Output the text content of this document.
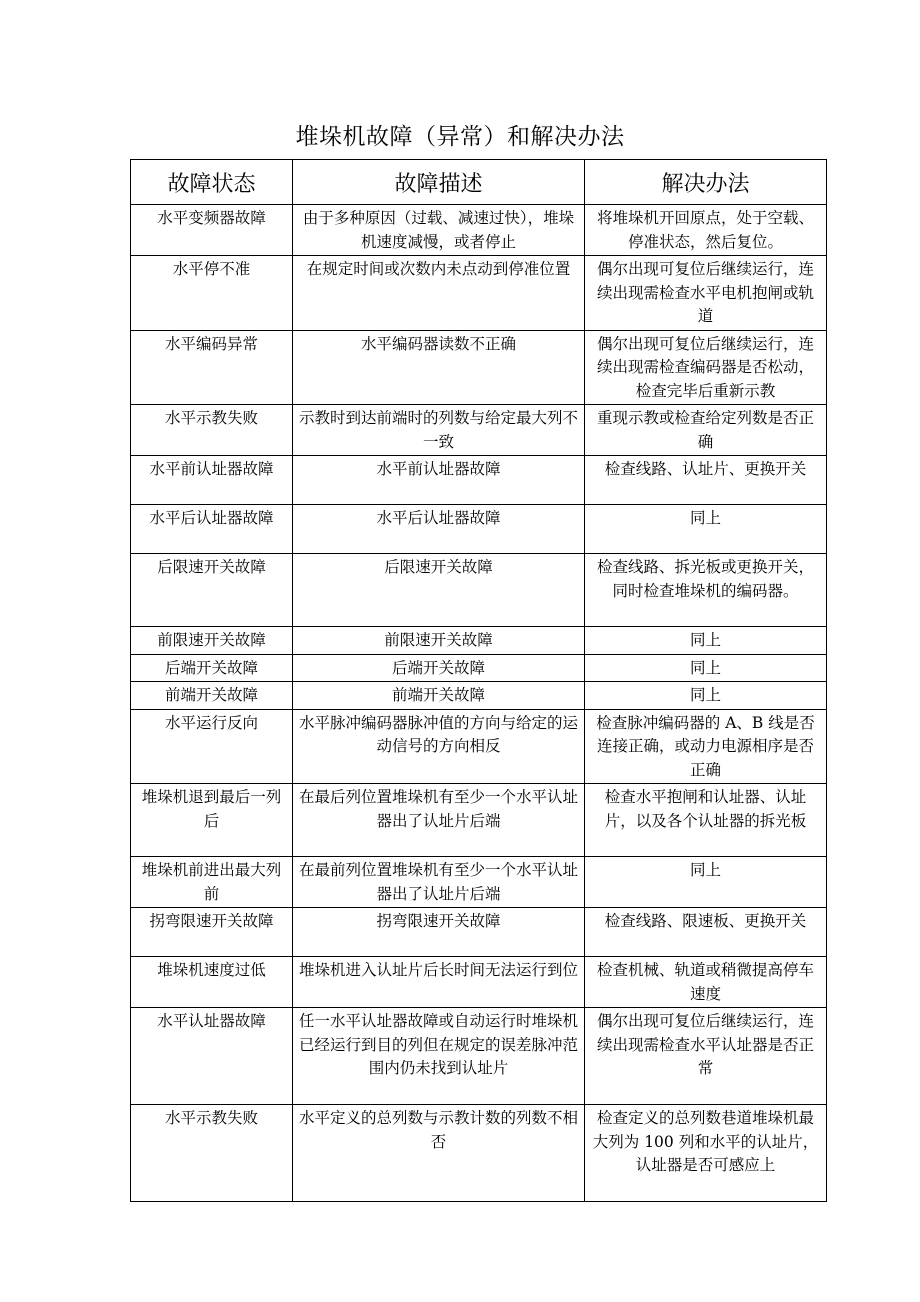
堆垛机故障（异常）和解决办法
故障状态	故障描述	解决办法
水平变频器故障	由于多种原因（过载、减速过快），堆垛机速度减慢，或者停止	将堆垛机开回原点，处于空载、停准状态，然后复位。
水平停不准	在规定时间或次数内未点动到停准位置	偶尔出现可复位后继续运行，连续出现需检查水平电机抱闸或轨道
水平编码异常	水平编码器读数不正确	偶尔出现可复位后继续运行，连续出现需检查编码器是否松动，检查完毕后重新示教
水平示教失败	示教时到达前端时的列数与给定最大列不一致	重现示教或检查给定列数是否正确
水平前认址器故障	水平前认址器故障	检查线路、认址片、更换开关
水平后认址器故障	水平后认址器故障	同上
后限速开关故障	后限速开关故障	检查线路、拆光板或更换开关，同时检查堆垛机的编码器。
前限速开关故障	前限速开关故障	同上
后端开关故障	后端开关故障	同上
前端开关故障	前端开关故障	同上
水平运行反向	水平脉冲编码器脉冲值的方向与给定的运动信号的方向相反	检查脉冲编码器的 A、B 线是否连接正确，或动力电源相序是否正确
堆垛机退到最后一列后	在最后列位置堆垛机有至少一个水平认址器出了认址片后端	检查水平抱闸和认址器、认址片，以及各个认址器的拆光板
堆垛机前进出最大列前	在最前列位置堆垛机有至少一个水平认址器出了认址片后端	同上
拐弯限速开关故障	拐弯限速开关故障	检查线路、限速板、更换开关
堆垛机速度过低	堆垛机进入认址片后长时间无法运行到位	检查机械、轨道或稍微提高停车速度
水平认址器故障	任一水平认址器故障或自动运行时堆垛机已经运行到目的列但在规定的误差脉冲范围内仍未找到认址片	偶尔出现可复位后继续运行，连续出现需检查水平认址器是否正常
水平示教失败	水平定义的总列数与示教计数的列数不相否	检查定义的总列数巷道堆垛机最大列为 100 列和水平的认址片，认址器是否可感应上
